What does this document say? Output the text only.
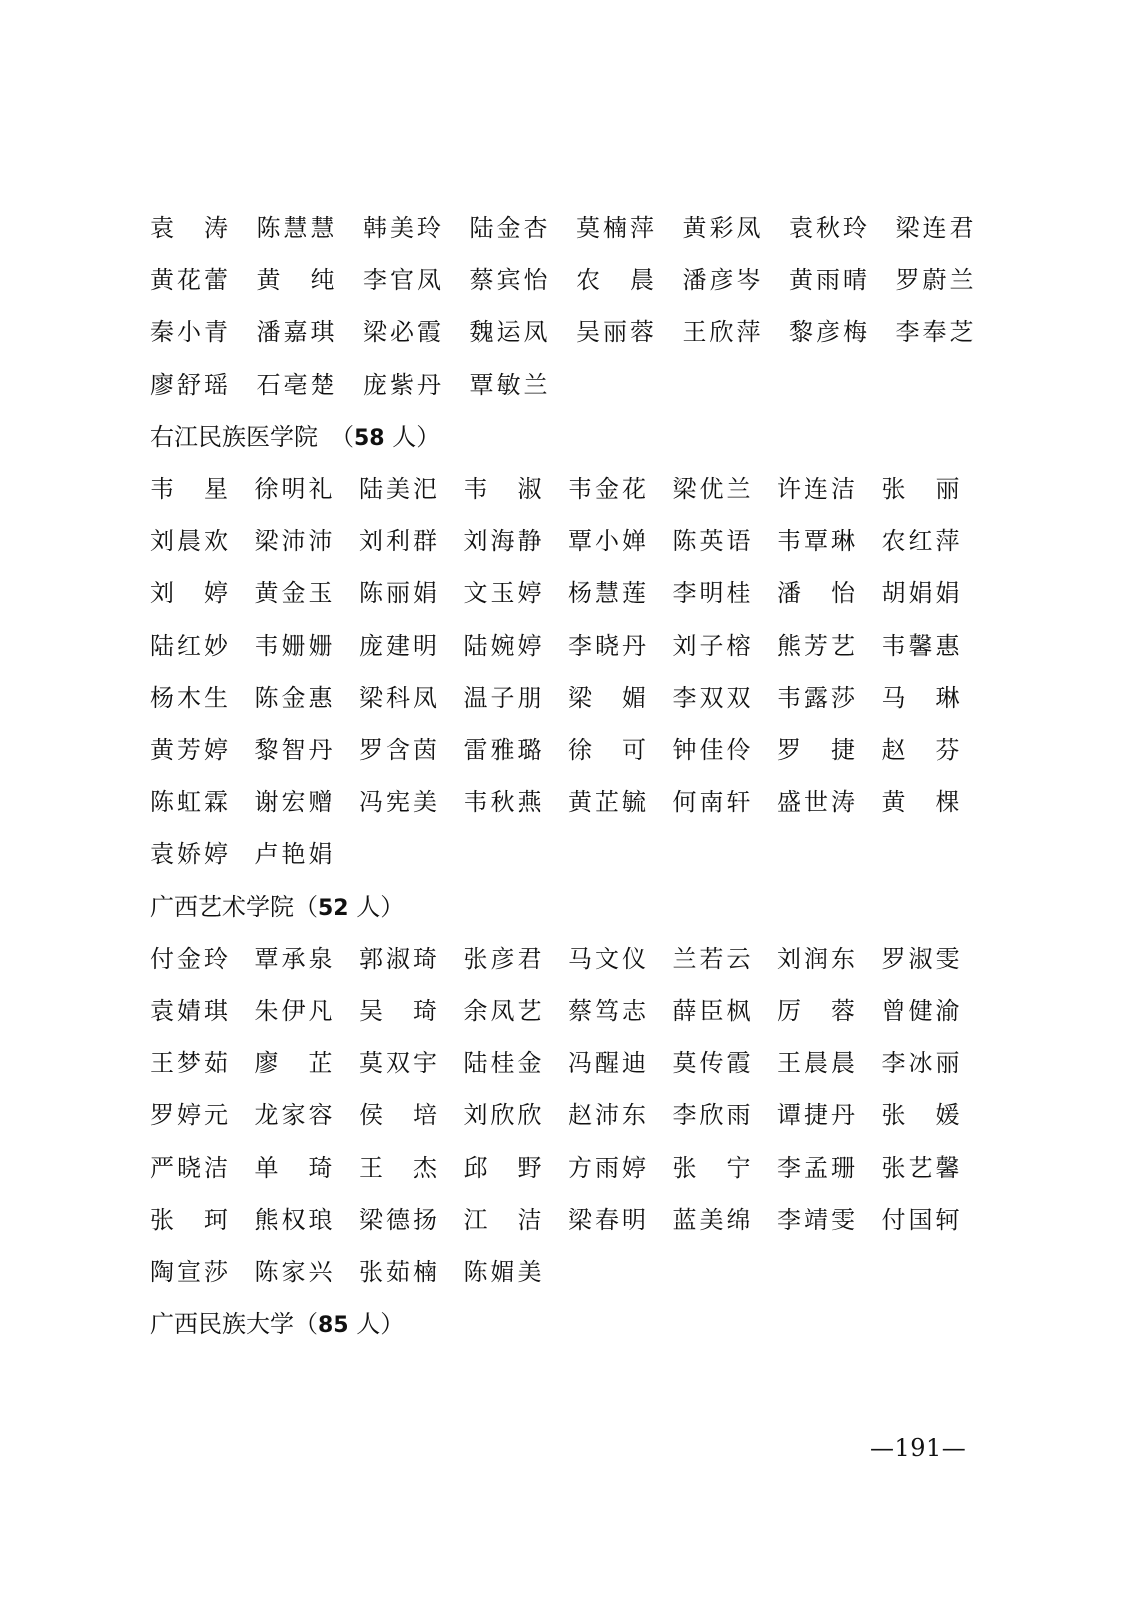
袁　涛 陈慧慧 韩美玲 陆金杏 莫楠萍 黄彩凤 袁秋玲 梁连君
黄花蕾 黄　纯 李官凤 蔡宾怡 农　晨 潘彦岑 黄雨晴 罗蔚兰
秦小青 潘嘉琪 梁必霞 魏运凤 吴丽蓉 王欣萍 黎彦梅 李奉芝
廖舒瑶 石亳楚 庞紫丹 覃敏兰
右江民族医学院 （58 人）
韦　星 徐明礼 陆美汜 韦　淑 韦金花 梁优兰 许连洁 张　丽
刘晨欢 梁沛沛 刘利群 刘海静 覃小婵 陈英语 韦覃琳 农红萍
刘　婷 黄金玉 陈丽娟 文玉婷 杨慧莲 李明桂 潘　怡 胡娟娟
陆红妙 韦姗姗 庞建明 陆婉婷 李晓丹 刘子榕 熊芳艺 韦馨惠
杨木生 陈金惠 梁科凤 温子朋 梁　媚 李双双 韦露莎 马　琳
黄芳婷 黎智丹 罗含茵 雷雅璐 徐　可 钟佳伶 罗　捷 赵　芬
陈虹霖 谢宏赠 冯宪美 韦秋燕 黄芷毓 何南轩 盛世涛 黄　棵
袁娇婷 卢艳娟
广西艺术学院（52 人）
付金玲 覃承泉 郭淑琦 张彦君 马文仪 兰若云 刘润东 罗淑雯
袁婧琪 朱伊凡 吴　琦 余凤艺 蔡笃志 薛臣枫 厉　蓉 曾健渝
王梦茹 廖　芷 莫双宇 陆桂金 冯醒迪 莫传霞 王晨晨 李冰丽
罗婷元 龙家容 侯　培 刘欣欣 赵沛东 李欣雨 谭捷丹 张　媛
严晓洁 单　琦 王　杰 邱　野 方雨婷 张　宁 李孟珊 张艺馨
张　珂 熊权琅 梁德扬 江　洁 梁春明 蓝美绵 李靖雯 付国轲
陶宣莎 陈家兴 张茹楠 陈媚美
广西民族大学（85 人）
—191—
